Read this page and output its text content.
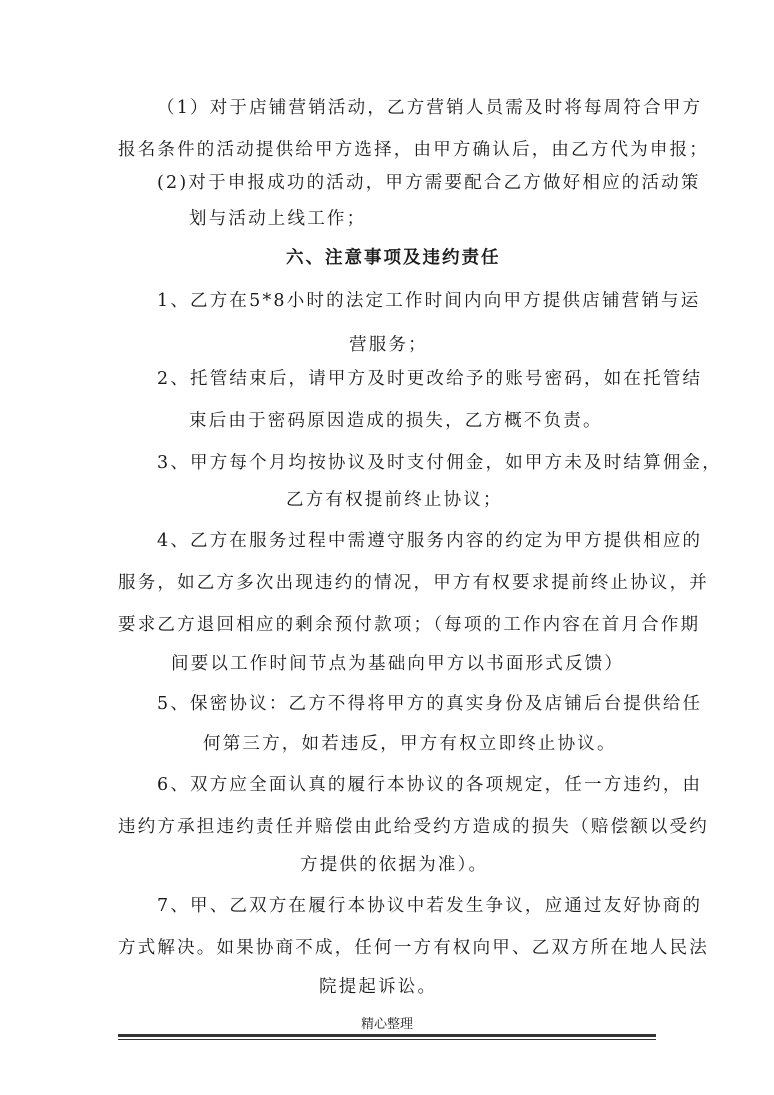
（1）对于店铺营销活动，乙方营销人员需及时将每周符合甲方
报名条件的活动提供给甲方选择，由甲方确认后，由乙方代为申报；
(2)对于申报成功的活动，甲方需要配合乙方做好相应的活动策
划与活动上线工作；
六、注意事项及违约责任
1、乙方在5*8小时的法定工作时间内向甲方提供店铺营销与运
营服务；
2、托管结束后，请甲方及时更改给予的账号密码，如在托管结
束后由于密码原因造成的损失，乙方概不负责。
3、甲方每个月均按协议及时支付佣金，如甲方未及时结算佣金，
乙方有权提前终止协议；
4、乙方在服务过程中需遵守服务内容的约定为甲方提供相应的
服务，如乙方多次出现违约的情况，甲方有权要求提前终止协议，并
要求乙方退回相应的剩余预付款项；（每项的工作内容在首月合作期
间要以工作时间节点为基础向甲方以书面形式反馈）
5、保密协议：乙方不得将甲方的真实身份及店铺后台提供给任
何第三方，如若违反，甲方有权立即终止协议。
6、双方应全面认真的履行本协议的各项规定，任一方违约，由
违约方承担违约责任并赔偿由此给受约方造成的损失（赔偿额以受约
方提供的依据为准）。
7、甲、乙双方在履行本协议中若发生争议，应通过友好协商的
方式解决。如果协商不成，任何一方有权向甲、乙双方所在地人民法
院提起诉讼。
精心整理
